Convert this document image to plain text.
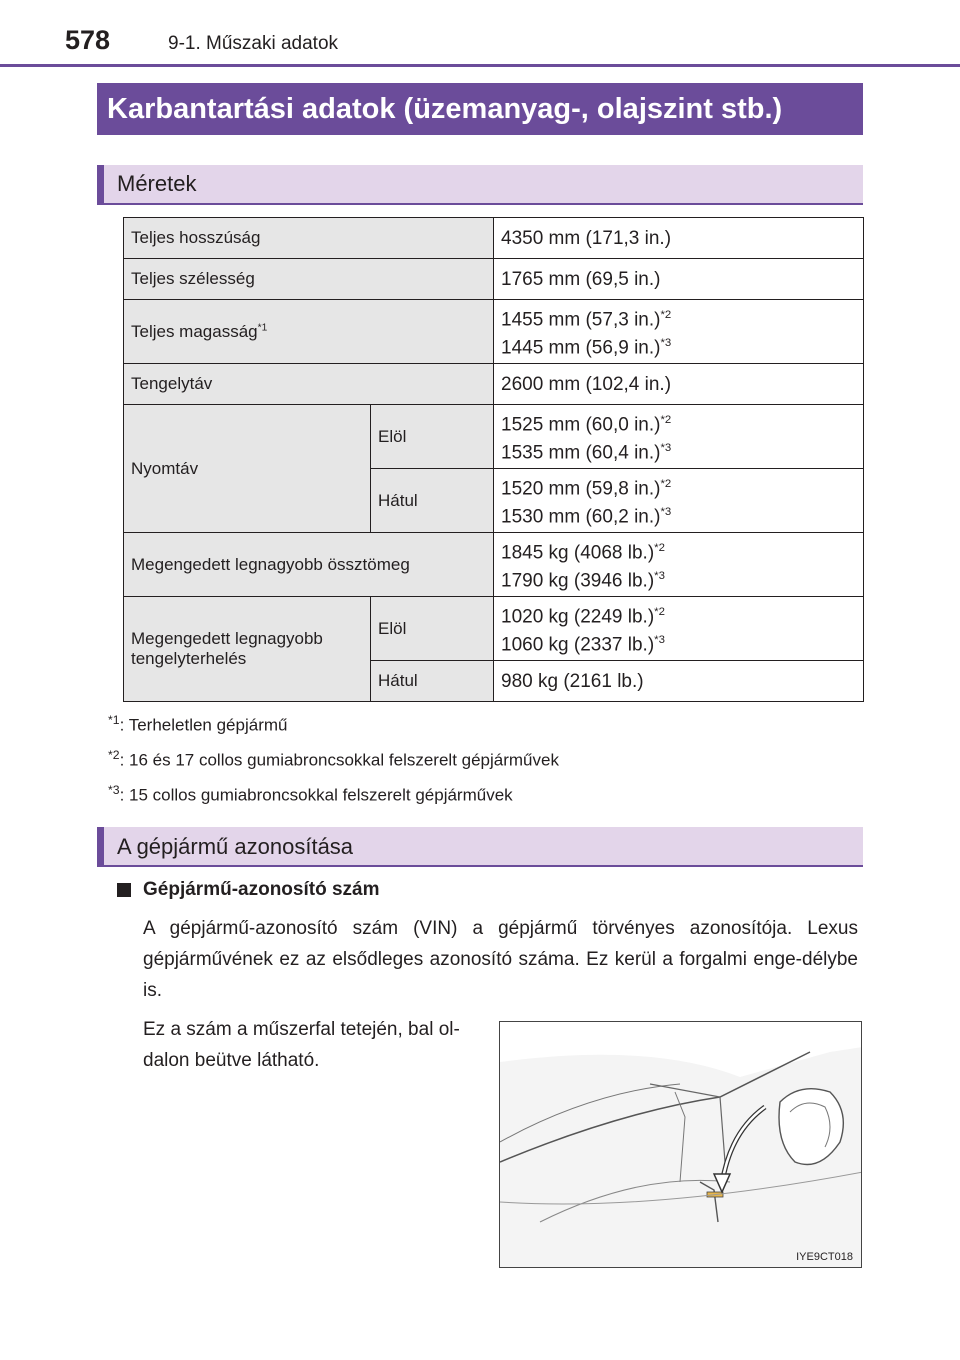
578	9-1. Műszaki adatok
Karbantartási adatok (üzemanyag-, olajszint stb.)
Méretek
Teljes hosszúság		4350 mm (171,3 in.)
Teljes szélesség		1765 mm (69,5 in.)
Teljes magasság$^{*1}$		1455 mm (57,3 in.)$^{*2}$
1445 mm (56,9 in.)$^{*3}$
Tengelytáv		2600 mm (102,4 in.)
Nyomtáv	Elöl	1525 mm (60,0 in.)$^{*2}$
1535 mm (60,4 in.)$^{*3}$
	Hátul	1520 mm (59,8 in.)$^{*2}$
1530 mm (60,2 in.)$^{*3}$
Megengedett legnagyobb össztömeg		1845 kg (4068 lb.)$^{*2}$
1790 kg (3946 lb.)$^{*3}$
Megengedett legnagyobb tengelyterhelés	Elöl	1020 kg (2249 lb.)$^{*2}$
1060 kg (2337 lb.)$^{*3}$
	Hátul	980 kg (2161 lb.)
$^{*1}$: Terheletlen gépjármű
$^{*2}$: 16 és 17 collos gumiabroncsokkal felszerelt gépjárművek
$^{*3}$: 15 collos gumiabroncsokkal felszerelt gépjárművek
A gépjármű azonosítása
Gépjármű-azonosító szám
A gépjármű-azonosító szám (VIN) a gépjármű törvényes azonosítója. Lexus gépjárművének ez az elsődleges azonosító száma. Ez kerül a forgalmi enge-délybe is.
Ez a szám a műszerfal tetején, bal ol-dalon beütve látható.
IYE9CT018
